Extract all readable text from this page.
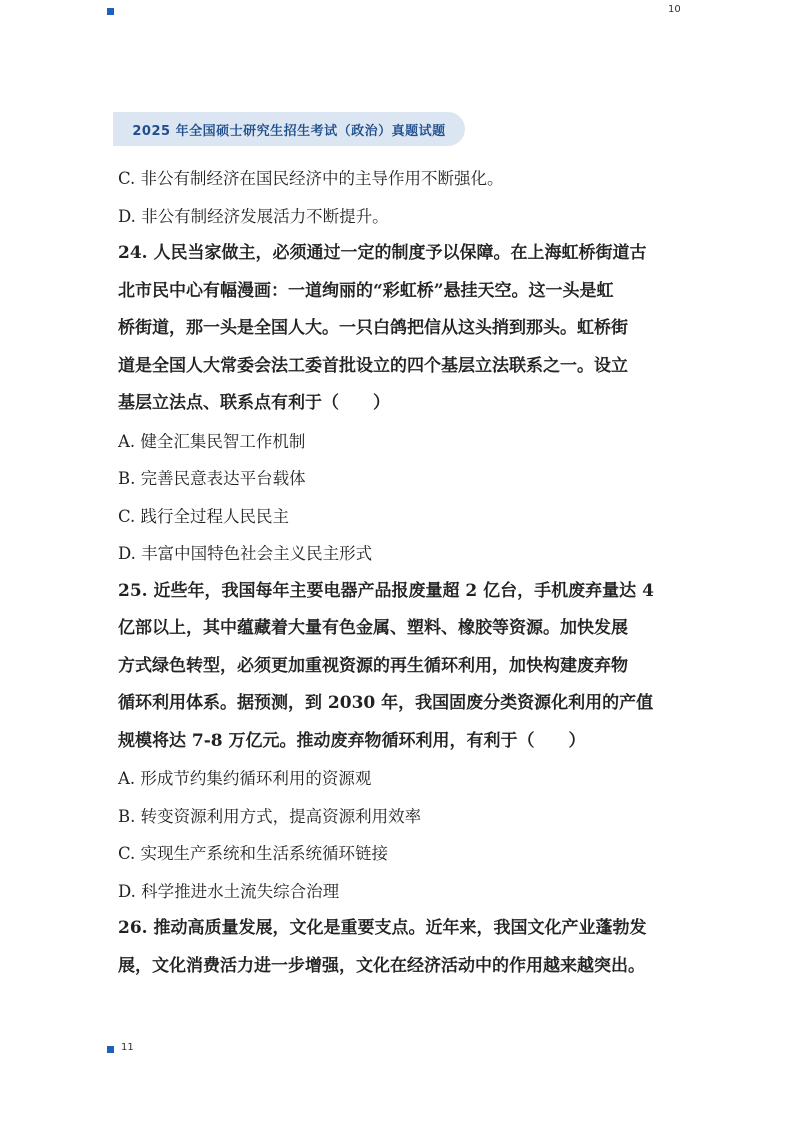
10
2025 年全国硕士研究生招生考试（政治）真题试题
C. 非公有制经济在国民经济中的主导作用不断强化。
D. 非公有制经济发展活力不断提升。
24. 人民当家做主，必须通过一定的制度予以保障。在上海虹桥街道古
北市民中心有幅漫画：一道绚丽的“彩虹桥”悬挂天空。这一头是虹
桥街道，那一头是全国人大。一只白鸽把信从这头捎到那头。虹桥街
道是全国人大常委会法工委首批设立的四个基层立法联系之一。设立
基层立法点、联系点有利于（　　）
A. 健全汇集民智工作机制
B. 完善民意表达平台载体
C. 践行全过程人民民主
D. 丰富中国特色社会主义民主形式
25. 近些年，我国每年主要电器产品报废量超 2 亿台，手机废弃量达 4
亿部以上，其中蕴藏着大量有色金属、塑料、橡胶等资源。加快发展
方式绿色转型，必须更加重视资源的再生循环利用，加快构建废弃物
循环利用体系。据预测，到 2030 年，我国固废分类资源化利用的产值
规模将达 7-8 万亿元。推动废弃物循环利用，有利于（　　）
A. 形成节约集约循环利用的资源观
B. 转变资源利用方式，提高资源利用效率
C. 实现生产系统和生活系统循环链接
D. 科学推进水土流失综合治理
26. 推动高质量发展，文化是重要支点。近年来，我国文化产业蓬勃发
展，文化消费活力进一步增强，文化在经济活动中的作用越来越突出。
11
